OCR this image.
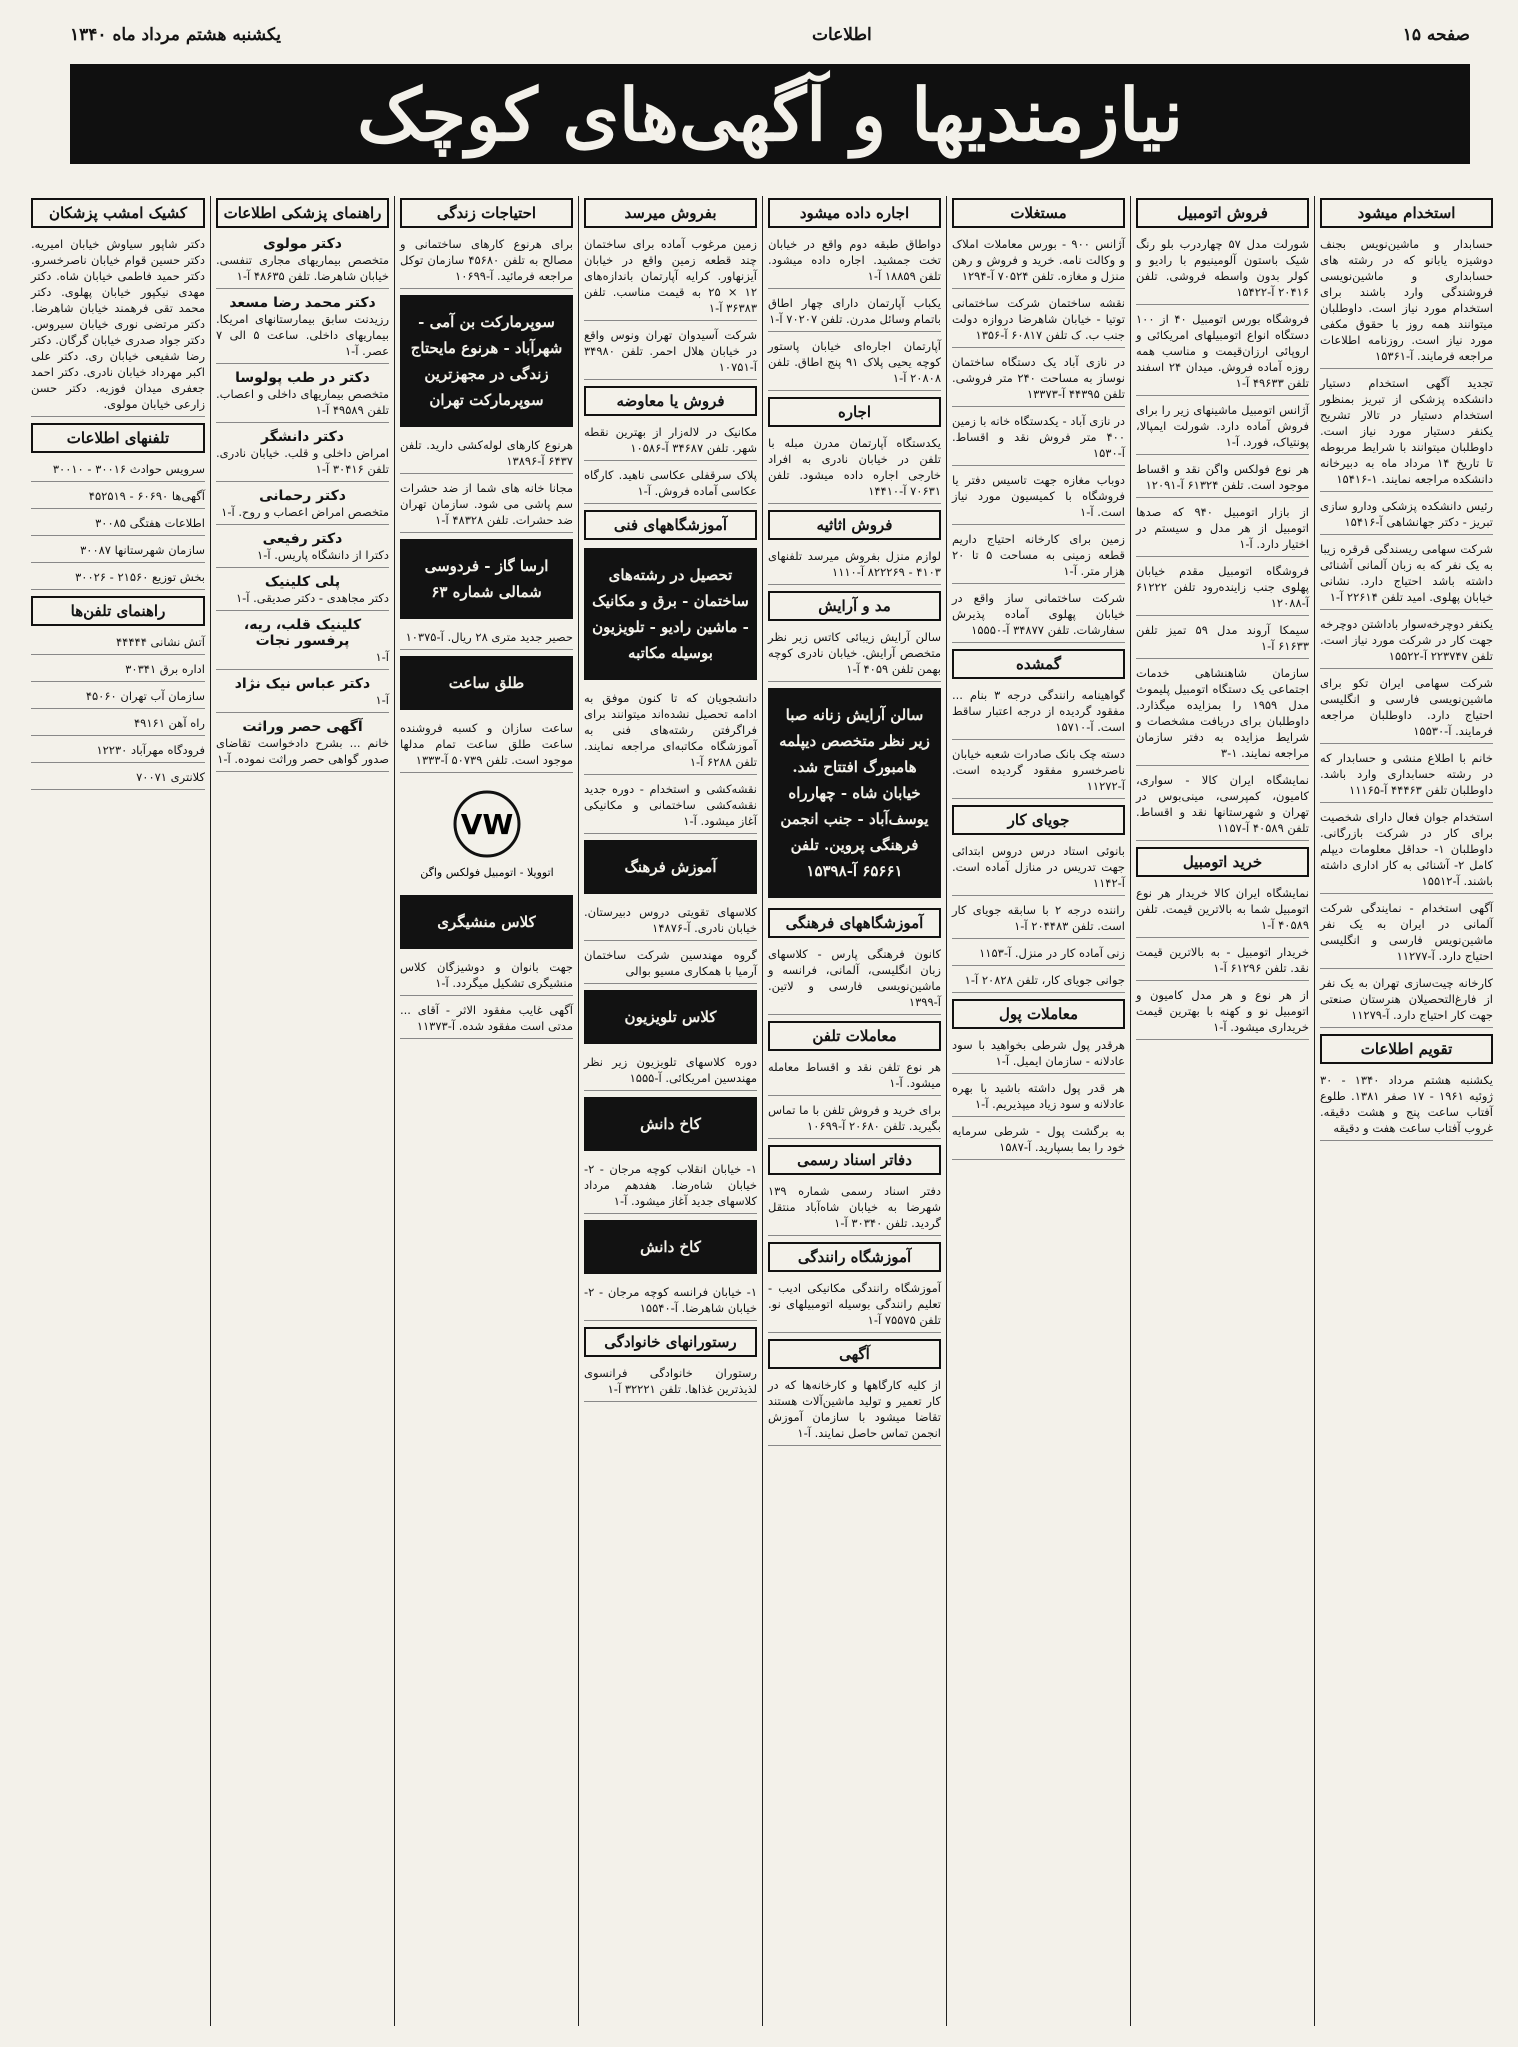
یکشنبه هشتم مرداد ماه ۱۳۴۰	اطلاعات	صفحه ۱۵
نیازمندیها و آگهی‌های کوچک
استخدام میشود
حسابدار و ماشین‌نویس بجنف دوشیزه یابانو که در رشته های حسابداری و ماشین‌نویسی فروشندگی وارد باشند برای استخدام مورد نیاز است. داوطلبان میتوانند همه روز با حقوق مکفی مورد نیاز است. روزنامه اطلاعات مراجعه فرمایند. آ-۱۵۳۶۱
تجدید آگهی استخدام دستیار دانشکده پزشکی از تبریز بمنظور استخدام دستیار در تالار تشریح یکنفر دستیار مورد نیاز است. داوطلبان میتوانند با شرایط مربوطه تا تاریخ ۱۴ مرداد ماه به دبیرخانه دانشکده مراجعه نمایند. ۱-۱۵۴۱۶
رئیس دانشکده پزشکی ودارو سازی تبریز - دکتر جهانشاهی آ-۱۵۴۱۶
شرکت سهامی ریسندگی قرقره زیبا به یک نفر که به زبان آلمانی آشنائی داشته باشد احتیاج دارد. نشانی خیابان پهلوی. امید تلفن ۲۲۶۱۴ آ-۱
یکنفر دوچرخه‌سوار باداشتن دوچرخه جهت کار در شرکت مورد نیاز است. تلفن ۲۲۳۷۴۷ آ-۱۵۵۲۲
شرکت سهامی ایران تکو برای ماشین‌نویسی فارسی و انگلیسی احتیاج دارد. داوطلبان مراجعه فرمایند. آ-۱۵۵۳۰
خانم با اطلاع منشی و حسابدار که در رشته حسابداری وارد باشد. داوطلبان تلفن ۴۴۴۶۳ آ-۱۱۱۶۵
استخدام جوان فعال دارای شخصیت برای کار در شرکت بازرگانی. داوطلبان ۱- حداقل معلومات دیپلم کامل ۲- آشنائی به کار اداری داشته باشند. آ-۱۵۵۱۲
آگهی استخدام - نمایندگی شرکت آلمانی در ایران به یک نفر ماشین‌نویس فارسی و انگلیسی احتیاج دارد. آ-۱۱۲۷۷
کارخانه چیت‌سازی تهران به یک نفر از فارغ‌التحصیلان هنرستان صنعتی جهت کار احتیاج دارد. آ-۱۱۲۷۹
تقویم اطلاعات
یکشنبه هشتم مرداد ۱۳۴۰ - ۳۰ ژوئیه ۱۹۶۱ - ۱۷ صفر ۱۳۸۱. طلوع آفتاب ساعت پنج و هشت دقیقه. غروب آفتاب ساعت هفت و دقیقه
فروش اتومبیل
شورلت مدل ۵۷ چهاردرب بلو رنگ شیک باستون آلومینیوم با رادیو و کولر بدون واسطه فروشی. تلفن ۲۰۴۱۶ آ-۱۵۴۲۲
فروشگاه بورس اتومبیل ۴۰ از ۱۰۰ دستگاه انواع اتومبیلهای امریکائی و اروپائی ارزان‌قیمت و مناسب همه روزه آماده فروش. میدان ۲۴ اسفند تلفن ۴۹۶۳۳ آ-۱
آژانس اتومبیل ماشینهای زیر را برای فروش آماده دارد. شورلت ایمپالا، پونتیاک، فورد. آ-۱
هر نوع فولکس واگن نقد و اقساط موجود است. تلفن ۶۱۳۲۴ آ-۱۲۰۹۱
از بازار اتومبیل ۹۴۰ که صدها اتومبیل از هر مدل و سیستم در اختیار دارد. آ-۱
فروشگاه اتومبیل مقدم خیابان پهلوی جنب زاینده‌رود تلفن ۶۱۲۲۲ آ-۱۲۰۸۸
سیمکا آروند مدل ۵۹ تمیز تلفن ۶۱۶۳۳ آ-۱
سازمان شاهنشاهی خدمات اجتماعی یک دستگاه اتومبیل پلیموث مدل ۱۹۵۹ را بمزایده میگذارد. داوطلبان برای دریافت مشخصات و شرایط مزایده به دفتر سازمان مراجعه نمایند. ۱-۳
نمایشگاه ایران کالا - سواری، کامیون، کمپرسی، مینی‌بوس در تهران و شهرستانها نقد و اقساط. تلفن ۴۰۵۸۹ آ-۱۱۵۷
خرید اتومبیل
نمایشگاه ایران کالا خریدار هر نوع اتومبیل شما به بالاترین قیمت. تلفن ۴۰۵۸۹ آ-۱
خریدار اتومبیل - به بالاترین قیمت نقد. تلفن ۶۱۲۹۶ آ-۱
از هر نوع و هر مدل کامیون و اتومبیل نو و کهنه با بهترین قیمت خریداری میشود. آ-۱
مستغلات
آژانس ۹۰۰ - بورس معاملات املاک و وکالت نامه. خرید و فروش و رهن منزل و مغازه. تلفن ۷۰۵۲۴ آ-۱۲۹۴
نقشه ساختمان شرکت ساختمانی توتیا - خیابان شاهرضا دروازه دولت جنب ب. ک تلفن ۶۰۸۱۷ آ-۱۳۵۶
در نازی آباد یک دستگاه ساختمان نوساز به مساحت ۲۴۰ متر فروشی. تلفن ۴۴۳۹۵ آ-۱۳۳۷۳
در نازی آباد - یکدستگاه خانه با زمین ۴۰۰ متر فروش نقد و اقساط. آ-۱۵۳۰
دوباب مغازه جهت تاسیس دفتر یا فروشگاه با کمیسیون مورد نیاز است. آ-۱
زمین برای کارخانه احتیاج داریم قطعه زمینی به مساحت ۵ تا ۲۰ هزار متر. آ-۱
شرکت ساختمانی ساز واقع در خیابان پهلوی آماده پذیرش سفارشات. تلفن ۳۴۸۷۷ آ-۱۵۵۵۰
گمشده
گواهینامه رانندگی درجه ۳ بنام ... مفقود گردیده از درجه اعتبار ساقط است. آ-۱۵۷۱۰
دسته چک بانک صادرات شعبه خیابان ناصرخسرو مفقود گردیده است. آ-۱۱۲۷۲
جویای کار
بانوئی استاد درس دروس ابتدائی جهت تدریس در منازل آماده است. آ-۱۱۴۲
راننده درجه ۲ با سابقه جویای کار است. تلفن ۲۰۴۴۸۳ آ-۱
زنی آماده کار در منزل. آ-۱۱۵۳
جوانی جویای کار، تلفن ۲۰۸۲۸ آ-۱
معاملات پول
هرقدر پول شرطی بخواهید با سود عادلانه - سازمان ایمیل. آ-۱
هر قدر پول داشته باشید با بهره عادلانه و سود زیاد میپذیریم. آ-۱
به برگشت پول - شرطی سرمایه خود را بما بسپارید. آ-۱۵۸۷
اجاره داده میشود
دواطاق طبقه دوم واقع در خیابان تخت جمشید. اجاره داده میشود. تلفن ۱۸۸۵۹ آ-۱
یکباب آپارتمان دارای چهار اطاق باتمام وسائل مدرن. تلفن ۷۰۲۰۷ آ-۱
آپارتمان اجاره‌ای خیابان پاستور کوچه یحیی پلاک ۹۱ پنج اطاق. تلفن ۲۰۸۰۸ آ-۱
اجاره
یکدستگاه آپارتمان مدرن مبله با تلفن در خیابان نادری به افراد خارجی اجاره داده میشود. تلفن ۷۰۶۳۱ آ-۱۴۴۱۰
فروش اثاثیه
لوازم منزل بفروش میرسد تلفنهای ۴۱۰۳ - ۸۲۲۲۶۹ آ-۱۱۱۰
مد و آرایش
سالن آرایش زیبائی کاتس زیر نظر متخصص آرایش. خیابان نادری کوچه بهمن تلفن ۴۰۵۹ آ-۱
سالن آرایش زنانه صبا زیر نظر متخصص دیپلمه هامبورگ افتتاح شد. خیابان شاه - چهارراه یوسف‌آباد - جنب انجمن فرهنگی پروین. تلفن ۶۵۶۶۱ آ-۱۵۳۹۸
آموزشگاههای فرهنگی
کانون فرهنگی پارس - کلاسهای زبان انگلیسی، آلمانی، فرانسه و ماشین‌نویسی فارسی و لاتین. آ-۱۳۹۹
معاملات تلفن
هر نوع تلفن نقد و اقساط معامله میشود. آ-۱
برای خرید و فروش تلفن با ما تماس بگیرید. تلفن ۲۰۶۸۰ آ-۱۰۶۹۹
دفاتر اسناد رسمی
دفتر اسناد رسمی شماره ۱۳۹ شهرضا به خیابان شاه‌آباد منتقل گردید. تلفن ۳۰۳۴۰ آ-۱
آموزشگاه رانندگی
آموزشگاه رانندگی مکانیکی ادیب - تعلیم رانندگی بوسیله اتومبیلهای نو. تلفن ۷۵۵۷۵ آ-۱
آگهی
از کلیه کارگاهها و کارخانه‌ها که در کار تعمیر و تولید ماشین‌آلات هستند تقاضا میشود با سازمان آموزش انجمن تماس حاصل نمایند. آ-۱
بفروش میرسد
زمین مرغوب آماده برای ساختمان چند قطعه زمین واقع در خیابان آیزنهاور. کرایه آپارتمان باندازه‌های ۱۲ × ۲۵ به قیمت مناسب. تلفن ۳۶۳۸۳ آ-۱
شرکت آسیدوان تهران ونوس واقع در خیابان هلال احمر. تلفن ۳۴۹۸۰ آ-۱۰۷۵۱
فروش یا معاوضه
مکانیک در لاله‌زار از بهترین نقطه شهر. تلفن ۳۴۶۸۷ آ-۱۰۵۸۶
پلاک سرقفلی عکاسی ناهید. کارگاه عکاسی آماده فروش. آ-۱
آموزشگاههای فنی
تحصیل در رشته‌های ساختمان - برق و مکانیک - ماشین رادیو - تلویزیون بوسیله مکاتبه
دانشجویان که تا کنون موفق به ادامه تحصیل نشده‌اند میتوانند برای فراگرفتن رشته‌های فنی به آموزشگاه مکاتبه‌ای مراجعه نمایند. تلفن ۶۲۸۸ آ-۱
نقشه‌کشی و استخدام - دوره جدید نقشه‌کشی ساختمانی و مکانیکی آغاز میشود. آ-۱
آموزش فرهنگ
کلاسهای تقویتی دروس دبیرستان. خیابان نادری. آ-۱۴۸۷۶
گروه مهندسین شرکت ساختمان آرمیا با همکاری مسیو بوالی
کلاس تلویزیون
دوره کلاسهای تلویزیون زیر نظر مهندسین امریکائی. آ-۱۵۵۵
کاخ دانش
۱- خیابان انقلاب کوچه مرجان - ۲- خیابان شاه‌رضا. هفدهم مرداد کلاسهای جدید آغاز میشود. آ-۱
کاخ دانش
۱- خیابان فرانسه کوچه مرجان - ۲- خیابان شاهرضا. آ-۱۵۵۴۰
رستورانهای خانوادگی
رستوران خانوادگی فرانسوی لذیذترین غذاها. تلفن ۳۲۲۲۱ آ-۱
احتیاجات زندگی
برای هرنوع کارهای ساختمانی و مصالح به تلفن ۴۵۶۸۰ سازمان توکل مراجعه فرمائید. آ-۱۰۶۹۹
سوپرمارکت بن آمی - شهرآباد - هرنوع مایحتاج زندگی در مجهزترین سوپرمارکت تهران
هرنوع کارهای لوله‌کشی دارید. تلفن ۶۴۳۷ آ-۱۳۸۹۶
مجانا خانه های شما از ضد حشرات سم پاشی می شود. سازمان تهران ضد حشرات. تلفن ۴۸۳۲۸ آ-۱
ارسا گاز - فردوسی شمالی شماره ۶۳
حصیر جدید متری ۲۸ ریال. آ-۱۰۳۷۵
طلق ساعت
ساعت سازان و کسبه فروشنده ساعت طلق ساعت تمام مدلها موجود است. تلفن ۵۰۷۳۹ آ-۱۳۳۳
VW
اتوویلا - اتومبیل فولکس واگن
کلاس منشیگری
جهت بانوان و دوشیزگان کلاس منشیگری تشکیل میگردد. آ-۱
آگهی غایب مفقود الاثر - آقای ... مدتی است مفقود شده. آ-۱۱۳۷۳
راهنمای پزشکی اطلاعات
دکتر مولوی
متخصص بیماریهای مجاری تنفسی. خیابان شاهرضا. تلفن ۴۸۶۳۵ آ-۱
دکتر محمد رضا مسعد
رزیدنت سابق بیمارستانهای امریکا. بیماریهای داخلی. ساعت ۵ الی ۷ عصر. آ-۱
دکتر در طب پولوسا
متخصص بیماریهای داخلی و اعصاب. تلفن ۴۹۵۸۹ آ-۱
دکتر دانشگر
امراض داخلی و قلب. خیابان نادری. تلفن ۳۰۴۱۶ آ-۱
دکتر رحمانی
متخصص امراض اعصاب و روح. آ-۱
دکتر رفیعی
دکترا از دانشگاه پاریس. آ-۱
پلی کلینیک
دکتر مجاهدی - دکتر صدیقی. آ-۱
کلینیک قلب، ریه، پرفسور نجات
آ-۱
دکتر عباس نیک نژاد
آ-۱
آگهی حصر وراثت
خانم ... بشرح دادخواست تقاضای صدور گواهی حصر وراثت نموده. آ-۱
کشیک امشب پزشکان
دکتر شاپور سیاوش خیابان امیریه. دکتر حسین قوام خیابان ناصرخسرو. دکتر حمید فاطمی خیابان شاه. دکتر مهدی نیکپور خیابان پهلوی. دکتر محمد تقی فرهمند خیابان شاهرضا. دکتر مرتضی نوری خیابان سیروس. دکتر جواد صدری خیابان گرگان. دکتر رضا شفیعی خیابان ری. دکتر علی اکبر مهرداد خیابان نادری. دکتر احمد جعفری میدان فوزیه. دکتر حسن زارعی خیابان مولوی.
تلفنهای اطلاعات
سرویس حوادث ۳۰۰۱۶ - ۳۰۰۱۰
آگهی‌ها ۶۰۶۹۰ - ۴۵۲۵۱۹
اطلاعات هفتگی ۳۰۰۸۵
سازمان شهرستانها ۳۰۰۸۷
بخش توزیع ۲۱۵۶۰ - ۳۰۰۲۶
راهنمای تلفن‌ها
آتش نشانی ۴۴۴۴۴
اداره برق ۳۰۳۴۱
سازمان آب تهران ۴۵۰۶۰
راه آهن ۴۹۱۶۱
فرودگاه مهرآباد ۱۲۲۳۰
کلانتری ۷۰۰۷۱
